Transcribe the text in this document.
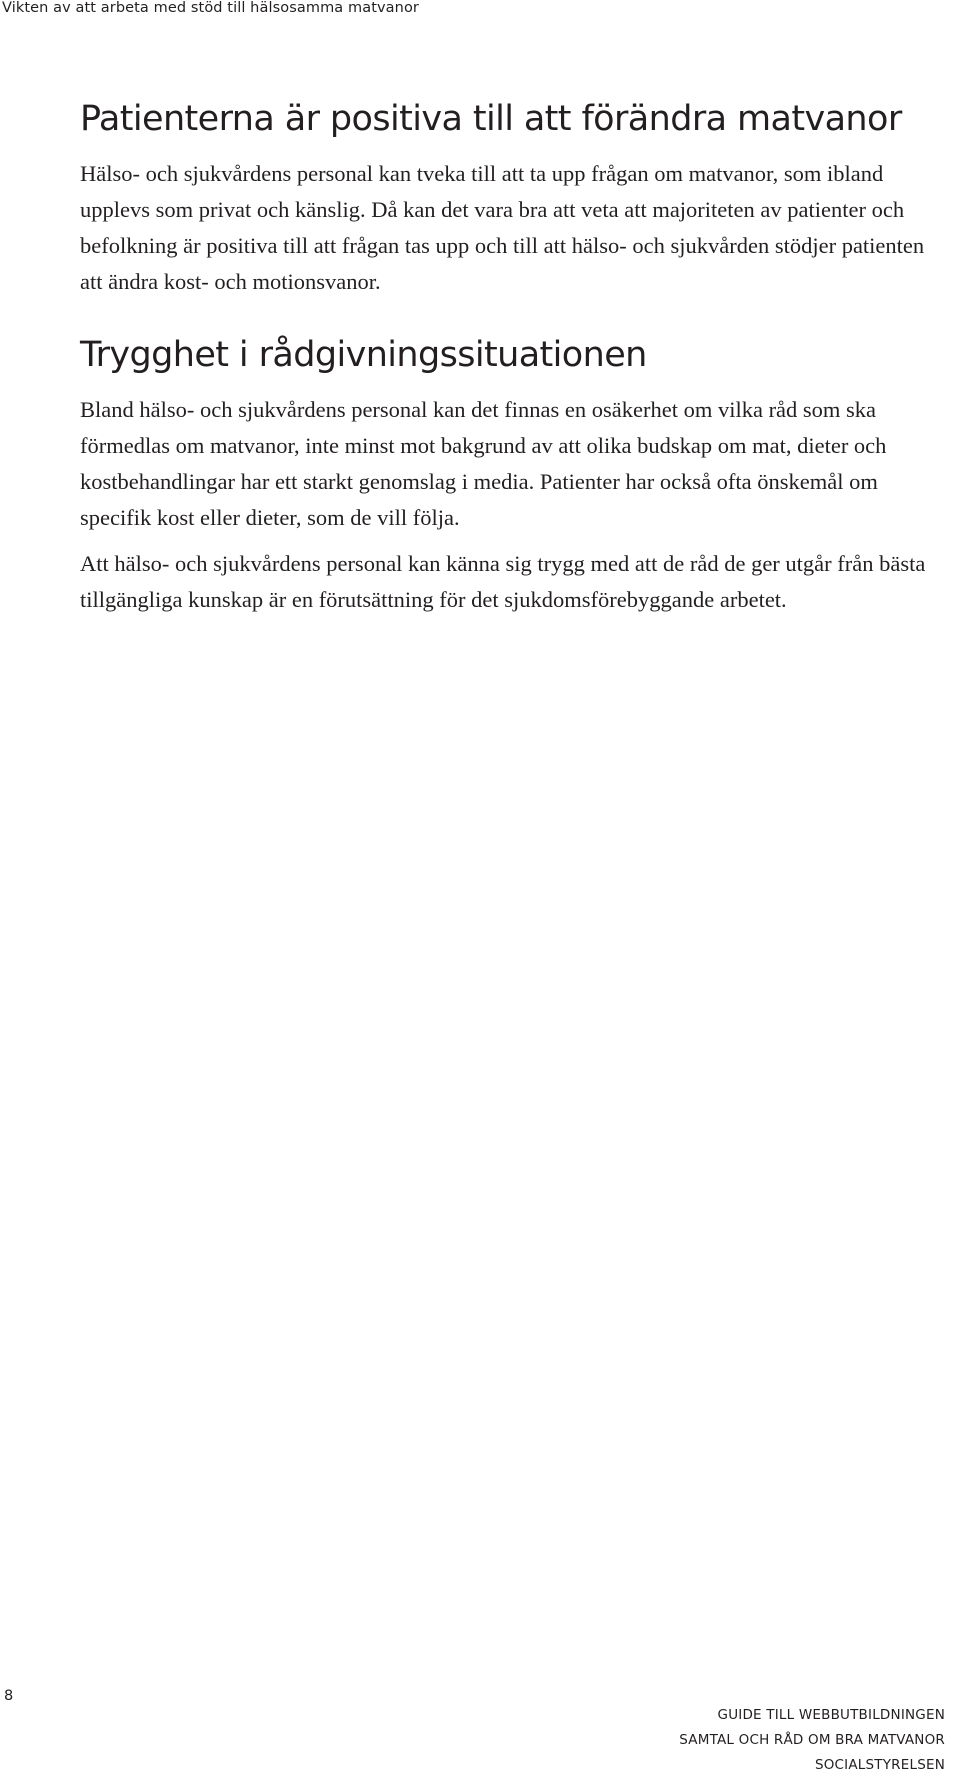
Vikten av att arbeta med stöd till hälsosamma matvanor
Patienterna är positiva till att förändra matvanor

Hälso- och sjukvårdens personal kan tveka till att ta upp frågan om matvanor, som ibland upplevs som privat och känslig. Då kan det vara bra att veta att majoriteten av patienter och befolkning är positiva till att frågan tas upp och till att hälso- och sjukvården stödjer patienten att ändra kost- och motionsvanor.

Trygghet i rådgivningssituationen

Bland hälso- och sjukvårdens personal kan det finnas en osäkerhet om vilka råd som ska förmedlas om matvanor, inte minst mot bakgrund av att olika budskap om mat, dieter och kostbehandlingar har ett starkt genomslag i media. Patienter har också ofta önskemål om specifik kost eller dieter, som de vill följa.

Att hälso- och sjukvårdens personal kan känna sig trygg med att de råd de ger utgår från bästa tillgängliga kunskap är en förutsättning för det sjukdomsförebyggande arbetet.

8
GUIDE TILL WEBBUTBILDNINGEN
SAMTAL OCH RÅD OM BRA MATVANOR
SOCIALSTYRELSEN
